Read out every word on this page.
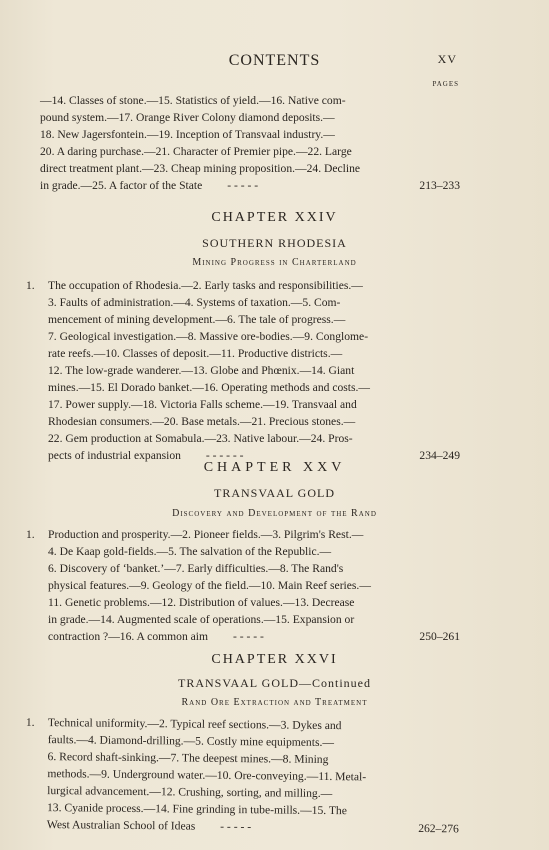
CONTENTS	XV
PAGES
—14. Classes of stone.—15. Statistics of yield.—16. Native com-
pound system.—17. Orange River Colony diamond deposits.—
18. New Jagersfontein.—19. Inception of Transvaal industry.—
20. A daring purchase.—21. Character of Premier pipe.—22. Large
direct treatment plant.—23. Cheap mining proposition.—24. Decline
in grade.—25. A factor of the State - - - - -	213–233
CHAPTER XXIV
SOUTHERN RHODESIA
Mining Progress in Charterland
1.	The occupation of Rhodesia.—2. Early tasks and responsibilities.—
3. Faults of administration.—4. Systems of taxation.—5. Com-
mencement of mining development.—6. The tale of progress.—
7. Geological investigation.—8. Massive ore-bodies.—9. Conglome-
rate reefs.—10. Classes of deposit.—11. Productive districts.—
12. The low-grade wanderer.—13. Globe and Phœnix.—14. Giant
mines.—15. El Dorado banket.—16. Operating methods and costs.—
17. Power supply.—18. Victoria Falls scheme.—19. Transvaal and
Rhodesian consumers.—20. Base metals.—21. Precious stones.—
22. Gem production at Somabula.—23. Native labour.—24. Pros-
pects of industrial expansion - - - - - -	234–249
CHAPTER XXV
TRANSVAAL GOLD
Discovery and Development of the Rand
1.	Production and prosperity.—2. Pioneer fields.—3. Pilgrim's Rest.—
4. De Kaap gold-fields.—5. The salvation of the Republic.—
6. Discovery of ‘banket.’—7. Early difficulties.—8. The Rand's
physical features.—9. Geology of the field.—10. Main Reef series.—
11. Genetic problems.—12. Distribution of values.—13. Decrease
in grade.—14. Augmented scale of operations.—15. Expansion or
contraction ?—16. A common aim - - - - -	250–261
CHAPTER XXVI
TRANSVAAL GOLD—Continued
Rand Ore Extraction and Treatment
1.	Technical uniformity.—2. Typical reef sections.—3. Dykes and
faults.—4. Diamond-drilling.—5. Costly mine equipments.—
6. Record shaft-sinking.—7. The deepest mines.—8. Mining
methods.—9. Underground water.—10. Ore-conveying.—11. Metal-
lurgical advancement.—12. Crushing, sorting, and milling.—
13. Cyanide process.—14. Fine grinding in tube-mills.—15. The
West Australian School of Ideas - - - - -	262–276
